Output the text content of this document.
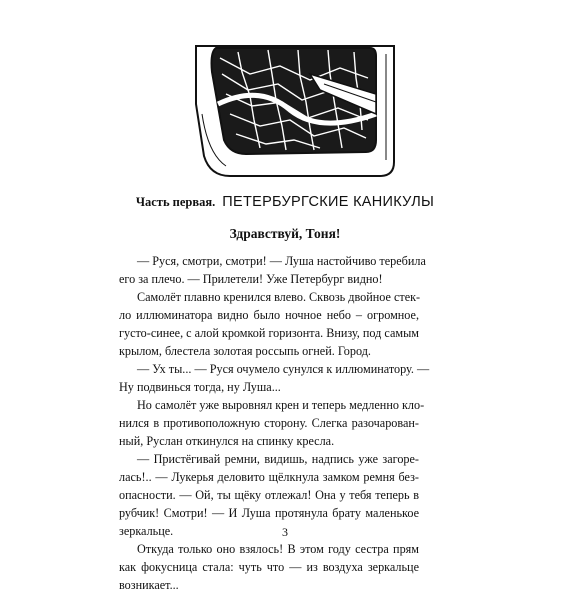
Часть первая. ПЕТЕРБУРГСКИЕ КАНИКУЛЫ
Здравствуй, Тоня!
— Руся, смотри, смотри! — Луша настойчиво теребила
его за плечо. — Прилетели! Уже Петербург видно!
Самолёт плавно кренился влево. Сквозь двойное стек-
ло иллюминатора видно было ночное небо – огромное,
густо-синее, с алой кромкой горизонта. Внизу, под самым
крылом, блестела золотая россыпь огней. Город.
— Ух ты... — Руся очумело сунулся к иллюминатору. —
Ну подвинься тогда, ну Луша...
Но самолёт уже выровнял крен и теперь медленно кло-
нился в противоположную сторону. Слегка разочарован-
ный, Руслан откинулся на спинку кресла.
— Пристёгивай ремни, видишь, надпись уже загоре-
лась!.. — Лукерья деловито щёлкнула замком ремня без-
опасности. — Ой, ты щёку отлежал! Она у тебя теперь в
рубчик! Смотри! — И Луша протянула брату маленькое
зеркальце.
Откуда только оно взялось! В этом году сестра прям
как фокусница стала: чуть что — из воздуха зеркальце
возникает...
3
